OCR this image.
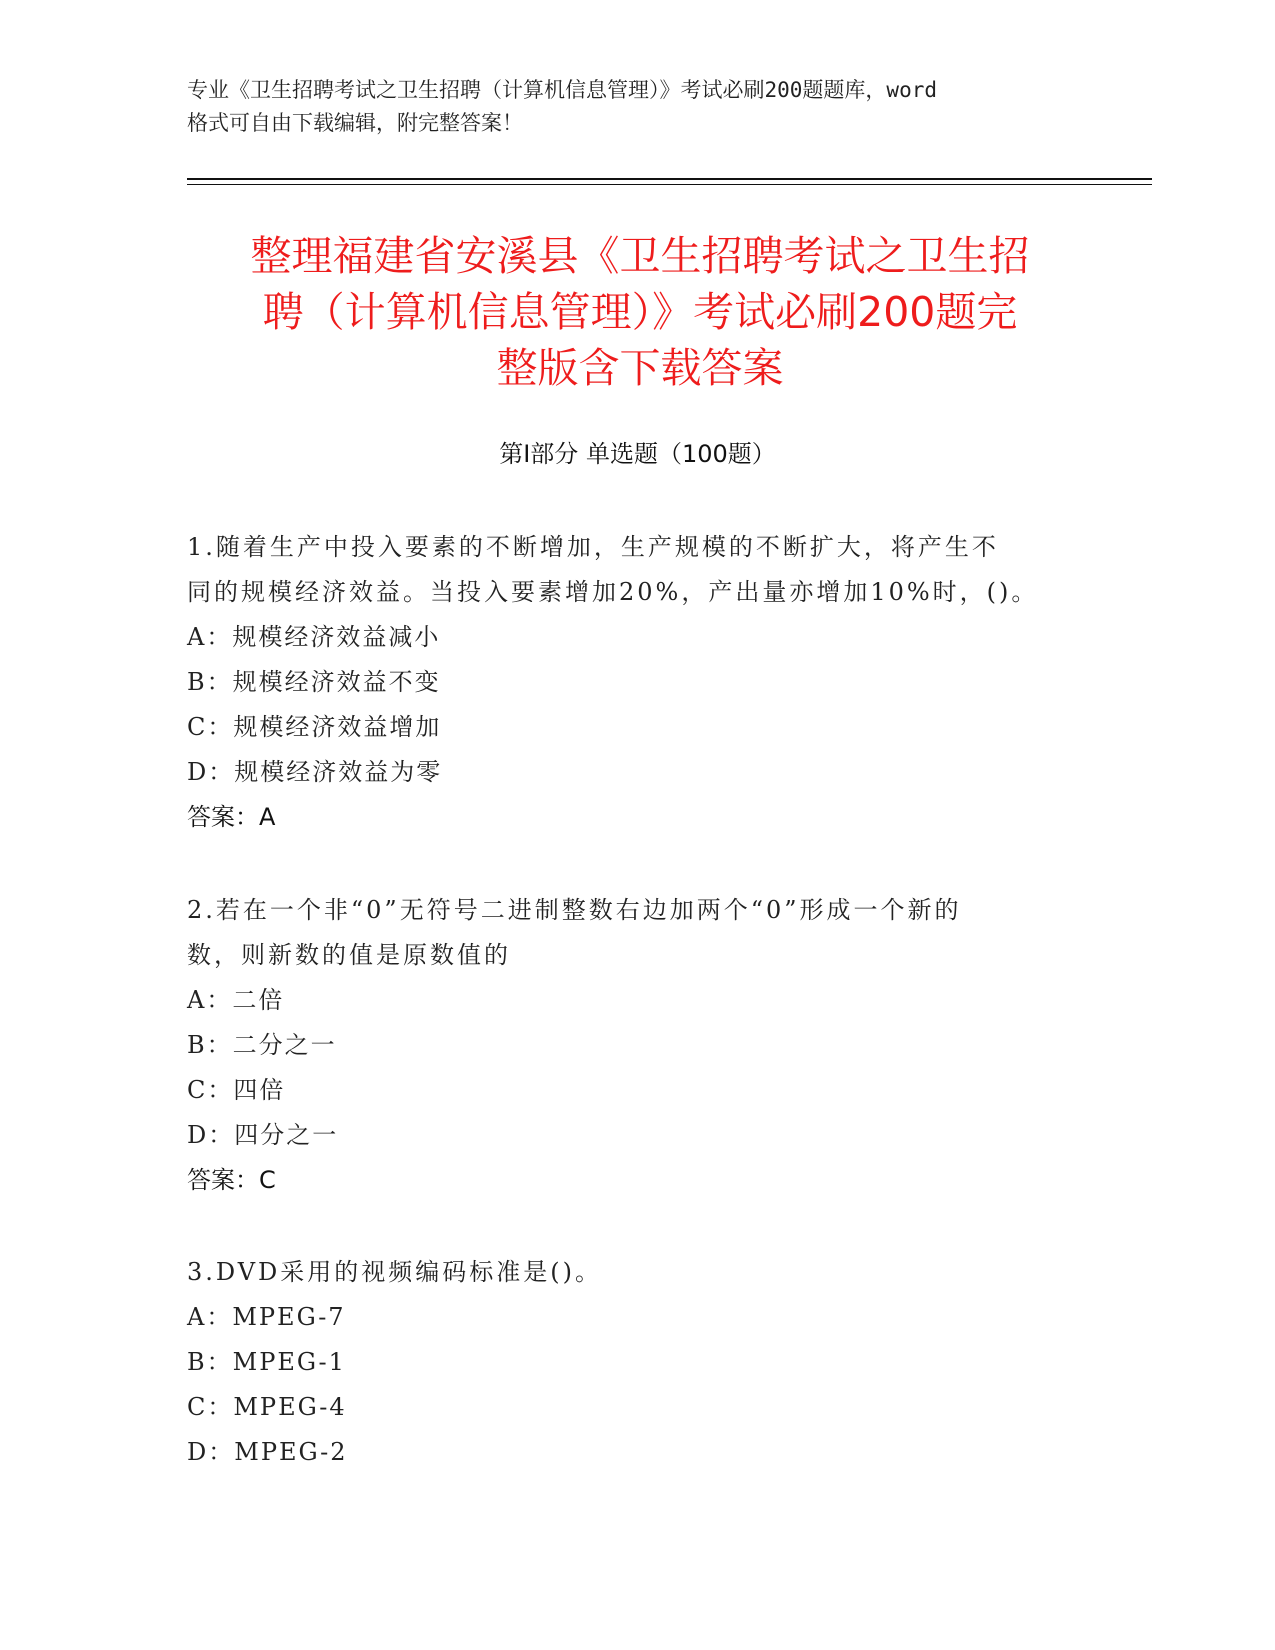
专业《卫生招聘考试之卫生招聘（计算机信息管理）》考试必刷200题题库，word
格式可自由下载编辑，附完整答案！
整理福建省安溪县《卫生招聘考试之卫生招
聘（计算机信息管理）》考试必刷200题完
整版含下载答案
第Ⅰ部分 单选题（100题）
1.随着生产中投入要素的不断增加，生产规模的不断扩大，将产生不
同的规模经济效益。当投入要素增加20%，产出量亦增加10%时，()。
A：规模经济效益减小
B：规模经济效益不变
C：规模经济效益增加
D：规模经济效益为零
答案：A
2.若在一个非“0”无符号二进制整数右边加两个“0”形成一个新的
数，则新数的值是原数值的
A：二倍
B：二分之一
C：四倍
D：四分之一
答案：C
3.DVD采用的视频编码标准是()。
A：MPEG-7
B：MPEG-1
C：MPEG-4
D：MPEG-2
